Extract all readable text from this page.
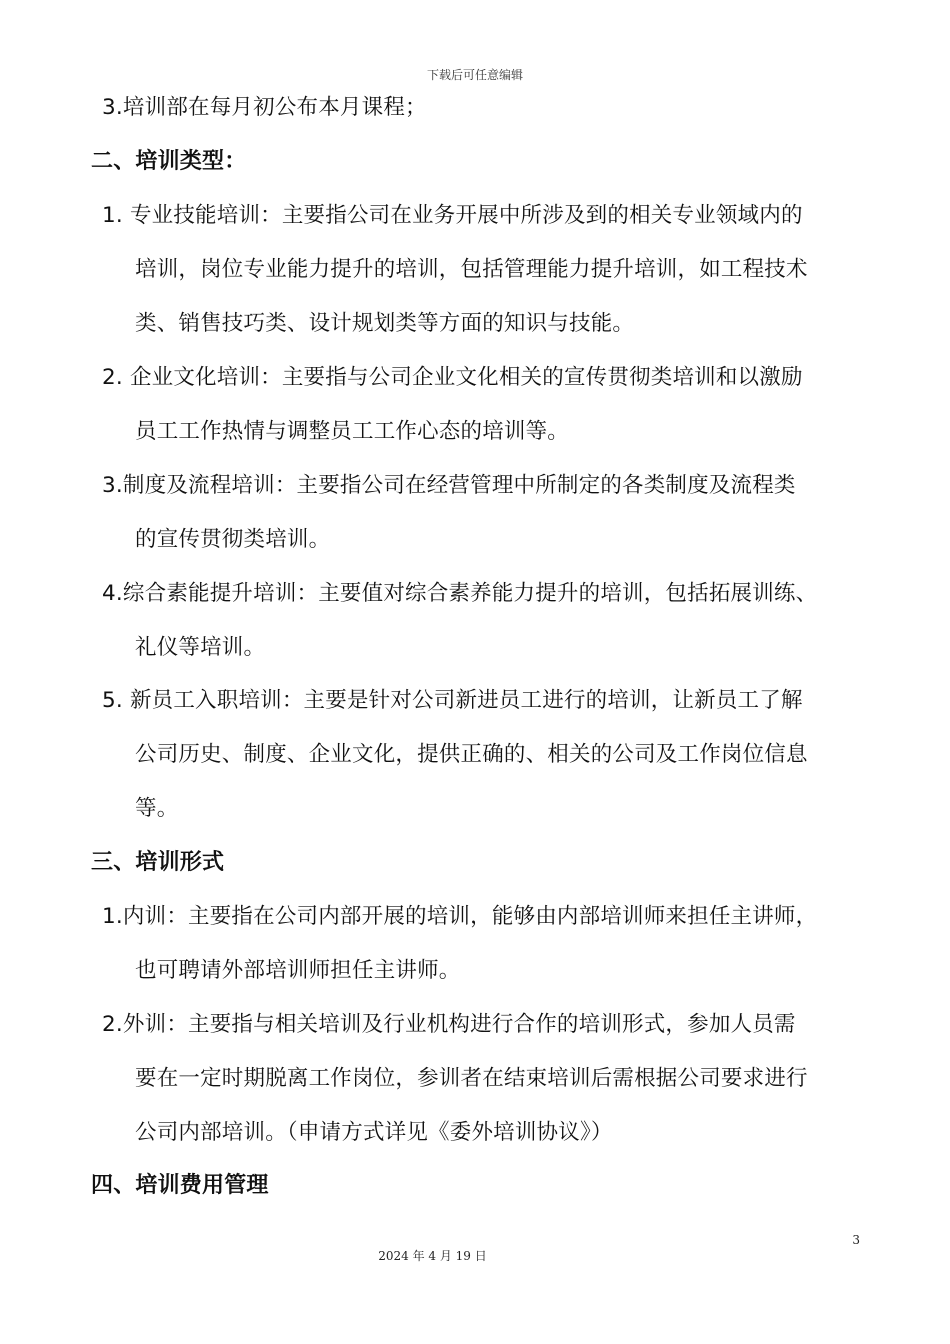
下载后可任意编辑
3.培训部在每月初公布本月课程；
二、培训类型：
1. 专业技能培训：主要指公司在业务开展中所涉及到的相关专业领域内的
培训，岗位专业能力提升的培训，包括管理能力提升培训，如工程技术
类、销售技巧类、设计规划类等方面的知识与技能。
2. 企业文化培训：主要指与公司企业文化相关的宣传贯彻类培训和以激励
员工工作热情与调整员工工作心态的培训等。
3.制度及流程培训：主要指公司在经营管理中所制定的各类制度及流程类
的宣传贯彻类培训。
4.综合素能提升培训：主要值对综合素养能力提升的培训，包括拓展训练、
礼仪等培训。
5. 新员工入职培训：主要是针对公司新进员工进行的培训，让新员工了解
公司历史、制度、企业文化，提供正确的、相关的公司及工作岗位信息
等。
三、培训形式
1.内训：主要指在公司内部开展的培训，能够由内部培训师来担任主讲师，
也可聘请外部培训师担任主讲师。
2.外训：主要指与相关培训及行业机构进行合作的培训形式，参加人员需
要在一定时期脱离工作岗位，参训者在结束培训后需根据公司要求进行
公司内部培训。（申请方式详见《委外培训协议》）
四、培训费用管理
3
2024 年 4 月 19 日
